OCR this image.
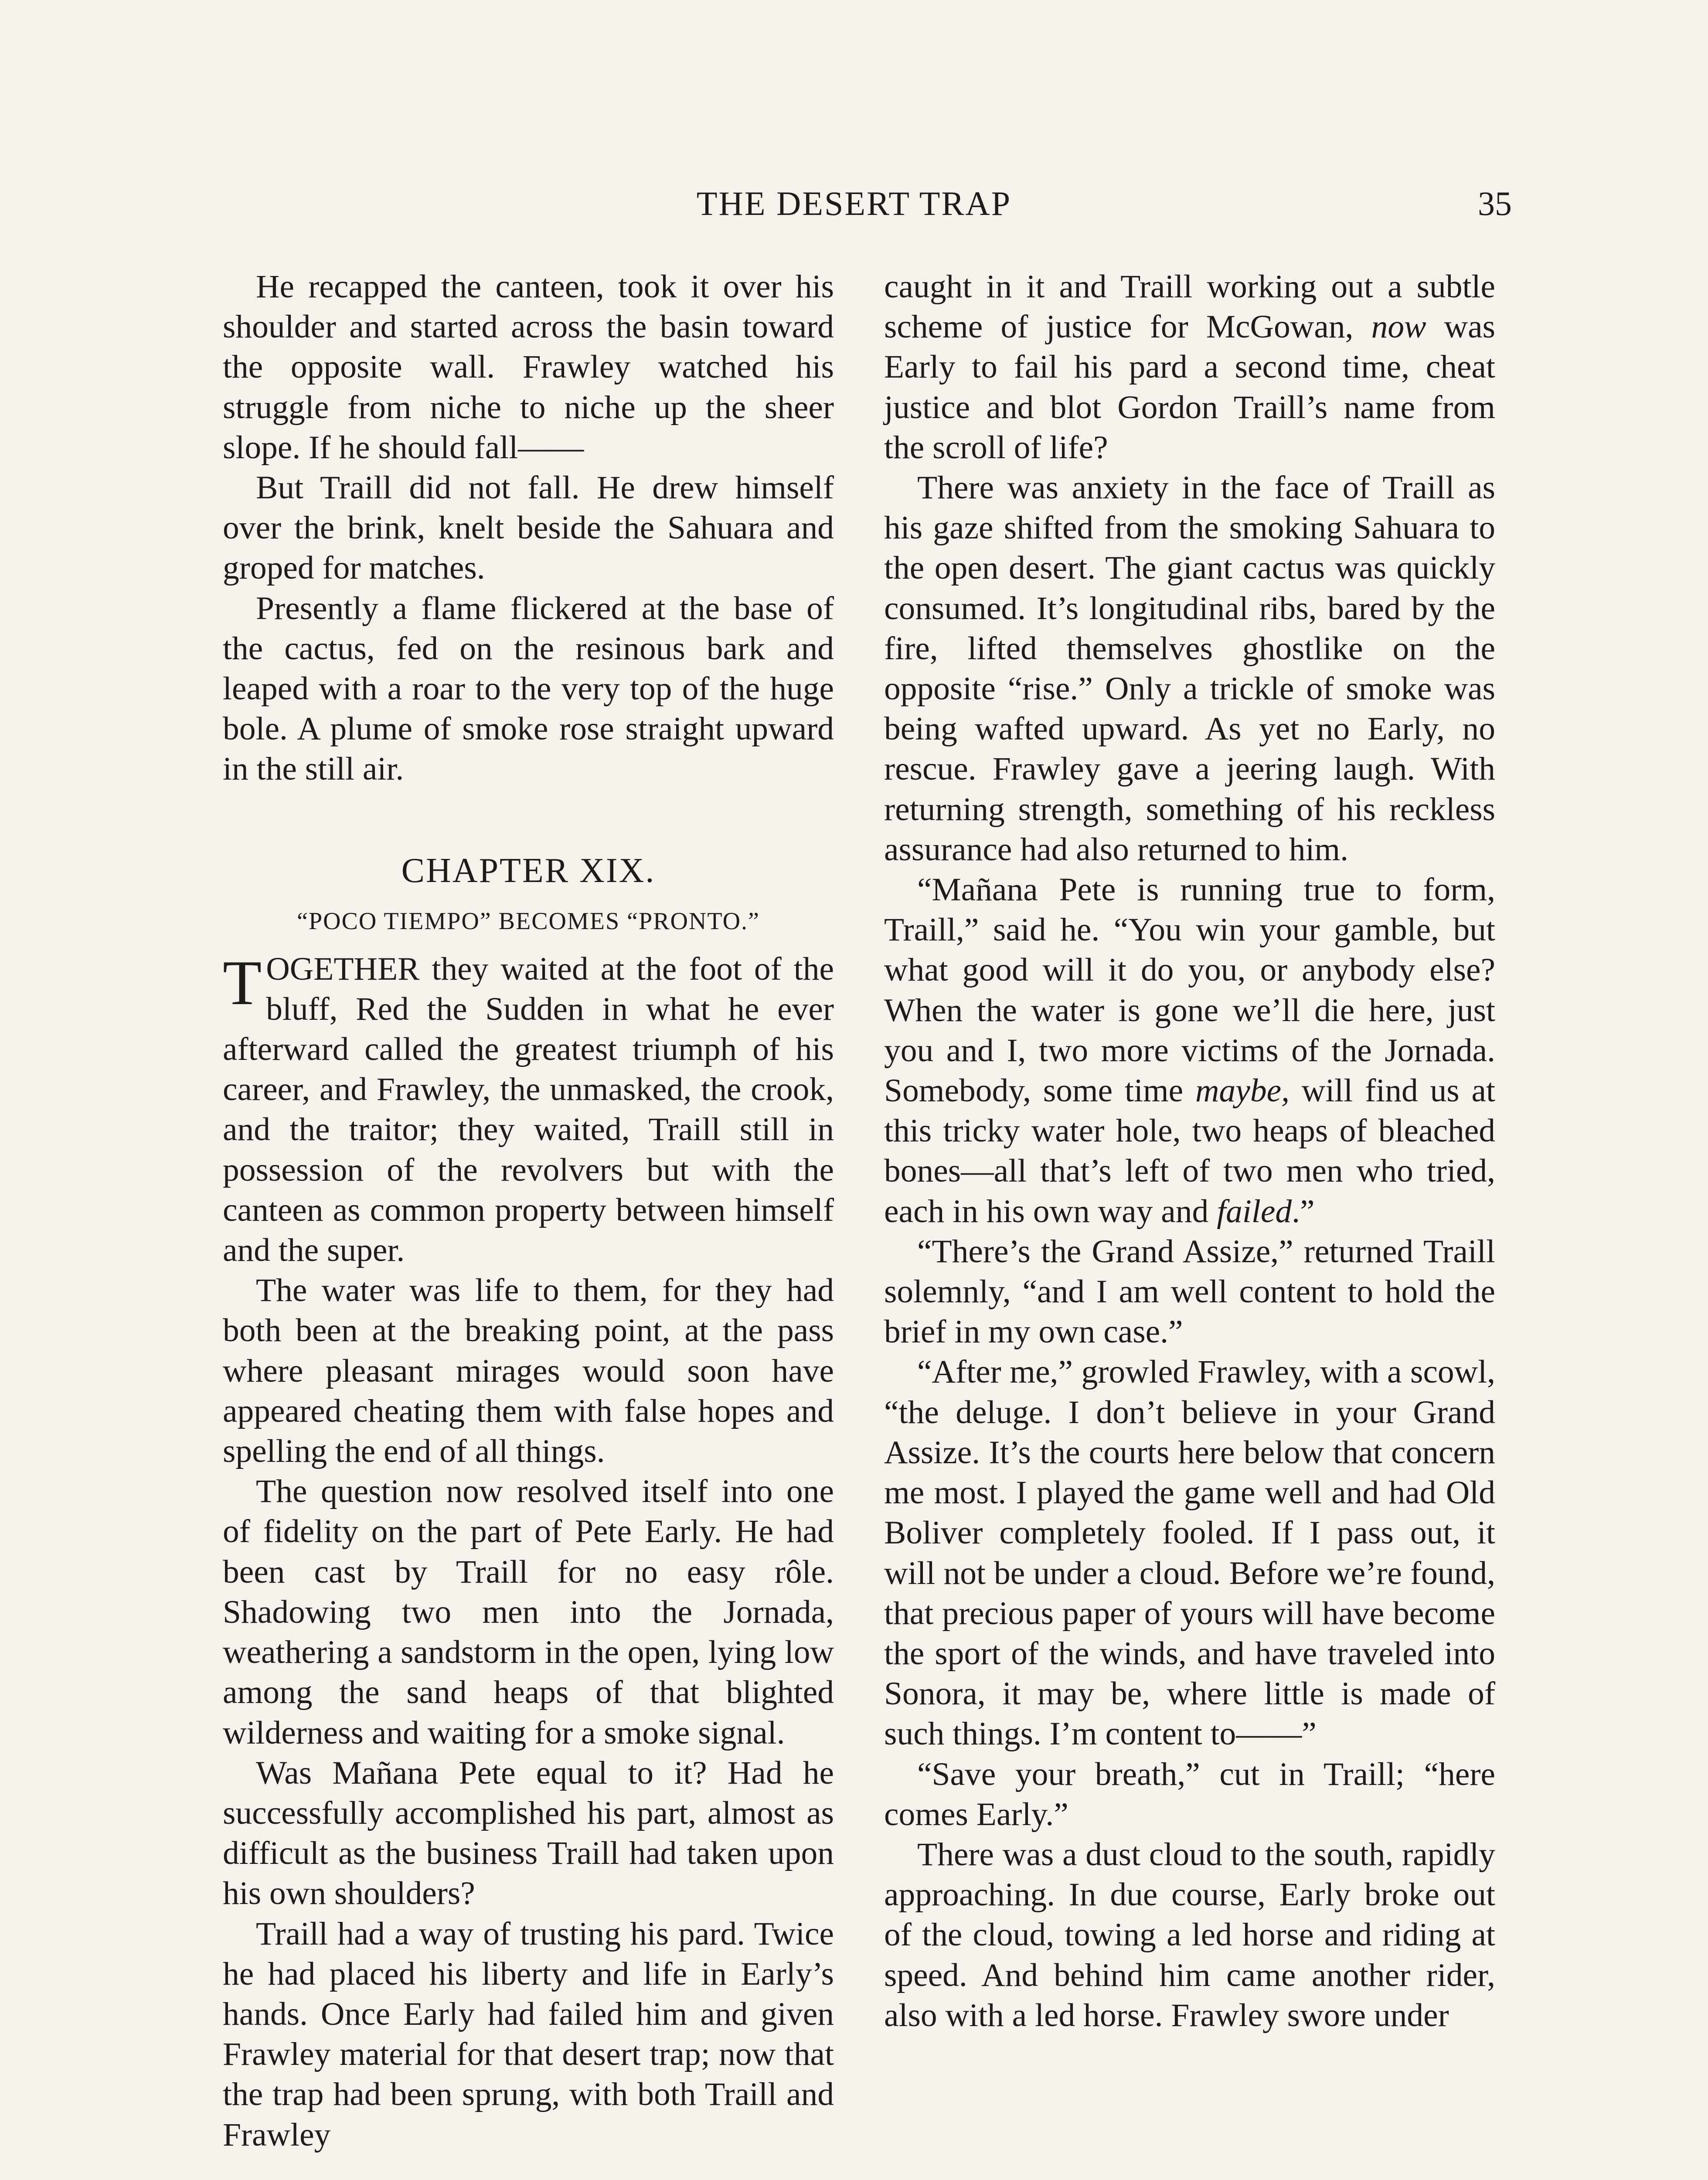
THE DESERT TRAP	35

He recapped the canteen, took it over his shoulder and started across the basin toward the opposite wall. Frawley watched his struggle from niche to niche up the sheer slope. If he should fall——

But Traill did not fall. He drew himself over the brink, knelt beside the Sahuara and groped for matches.

Presently a flame flickered at the base of the cactus, fed on the resinous bark and leaped with a roar to the very top of the huge bole. A plume of smoke rose straight upward in the still air.

CHAPTER XIX.
“POCO TIEMPO” BECOMES “PRONTO.”

TOGETHER they waited at the foot of the bluff, Red the Sudden in what he ever afterward called the greatest triumph of his career, and Frawley, the unmasked, the crook, and the traitor; they waited, Traill still in possession of the revolvers but with the canteen as common property between himself and the super.

The water was life to them, for they had both been at the breaking point, at the pass where pleasant mirages would soon have appeared cheating them with false hopes and spelling the end of all things.

The question now resolved itself into one of fidelity on the part of Pete Early. He had been cast by Traill for no easy rôle. Shadowing two men into the Jornada, weathering a sandstorm in the open, lying low among the sand heaps of that blighted wilderness and waiting for a smoke signal.

Was Mañana Pete equal to it? Had he successfully accomplished his part, almost as difficult as the business Traill had taken upon his own shoulders?

Traill had a way of trusting his pard. Twice he had placed his liberty and life in Early’s hands. Once Early had failed him and given Frawley material for that desert trap; now that the trap had been sprung, with both Traill and Frawley

caught in it and Traill working out a subtle scheme of justice for McGowan, now was Early to fail his pard a second time, cheat justice and blot Gordon Traill’s name from the scroll of life?

There was anxiety in the face of Traill as his gaze shifted from the smoking Sahuara to the open desert. The giant cactus was quickly consumed. It’s longitudinal ribs, bared by the fire, lifted themselves ghostlike on the opposite “rise.” Only a trickle of smoke was being wafted upward. As yet no Early, no rescue. Frawley gave a jeering laugh. With returning strength, something of his reckless assurance had also returned to him.

“Mañana Pete is running true to form, Traill,” said he. “You win your gamble, but what good will it do you, or anybody else? When the water is gone we’ll die here, just you and I, two more victims of the Jornada. Somebody, some time maybe, will find us at this tricky water hole, two heaps of bleached bones—all that’s left of two men who tried, each in his own way and failed.”

“There’s the Grand Assize,” returned Traill solemnly, “and I am well content to hold the brief in my own case.”

“After me,” growled Frawley, with a scowl, “the deluge. I don’t believe in your Grand Assize. It’s the courts here below that concern me most. I played the game well and had Old Boliver completely fooled. If I pass out, it will not be under a cloud. Before we’re found, that precious paper of yours will have become the sport of the winds, and have traveled into Sonora, it may be, where little is made of such things. I’m content to——”

“Save your breath,” cut in Traill; “here comes Early.”

There was a dust cloud to the south, rapidly approaching. In due course, Early broke out of the cloud, towing a led horse and riding at speed. And behind him came another rider, also with a led horse. Frawley swore under
